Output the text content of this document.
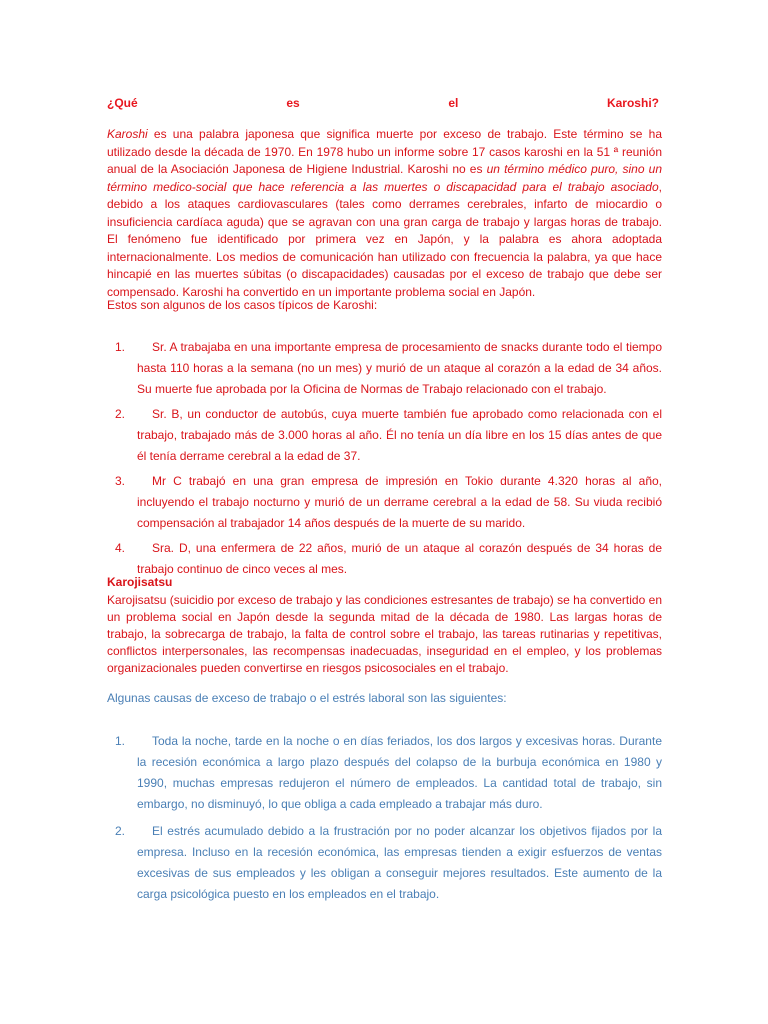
¿Qué	es	el	Karoshi?
Karoshi es una palabra japonesa que significa muerte por exceso de trabajo. Este término se ha utilizado desde la década de 1970. En 1978 hubo un informe sobre 17 casos karoshi en la 51 ª reunión anual de la Asociación Japonesa de Higiene Industrial. Karoshi no es un término médico puro, sino un término medico-social que hace referencia a las muertes o discapacidad para el trabajo asociado, debido a los ataques cardiovasculares (tales como derrames cerebrales, infarto de miocardio o insuficiencia cardíaca aguda) que se agravan con una gran carga de trabajo y largas horas de trabajo. El fenómeno fue identificado por primera vez en Japón, y la palabra es ahora adoptada internacionalmente. Los medios de comunicación han utilizado con frecuencia la palabra, ya que hace hincapié en las muertes súbitas (o discapacidades) causadas por el exceso de trabajo que debe ser compensado. Karoshi ha convertido en un importante problema social en Japón.
Estos son algunos de los casos típicos de Karoshi:
1. Sr. A trabajaba en una importante empresa de procesamiento de snacks durante todo el tiempo hasta 110 horas a la semana (no un mes) y murió de un ataque al corazón a la edad de 34 años. Su muerte fue aprobada por la Oficina de Normas de Trabajo relacionado con el trabajo.
2. Sr. B, un conductor de autobús, cuya muerte también fue aprobado como relacionada con el trabajo, trabajado más de 3.000 horas al año. Él no tenía un día libre en los 15 días antes de que él tenía derrame cerebral a la edad de 37.
3. Mr C trabajó en una gran empresa de impresión en Tokio durante 4.320 horas al año, incluyendo el trabajo nocturno y murió de un derrame cerebral a la edad de 58. Su viuda recibió compensación al trabajador 14 años después de la muerte de su marido.
4. Sra. D, una enfermera de 22 años, murió de un ataque al corazón después de 34 horas de trabajo continuo de cinco veces al mes.
Karojisatsu
Karojisatsu (suicidio por exceso de trabajo y las condiciones estresantes de trabajo) se ha convertido en un problema social en Japón desde la segunda mitad de la década de 1980. Las largas horas de trabajo, la sobrecarga de trabajo, la falta de control sobre el trabajo, las tareas rutinarias y repetitivas, conflictos interpersonales, las recompensas inadecuadas, inseguridad en el empleo, y los problemas organizacionales pueden convertirse en riesgos psicosociales en el trabajo.
Algunas causas de exceso de trabajo o el estrés laboral son las siguientes:
1. Toda la noche, tarde en la noche o en días feriados, los dos largos y excesivas horas. Durante la recesión económica a largo plazo después del colapso de la burbuja económica en 1980 y 1990, muchas empresas redujeron el número de empleados. La cantidad total de trabajo, sin embargo, no disminuyó, lo que obliga a cada empleado a trabajar más duro.
2. El estrés acumulado debido a la frustración por no poder alcanzar los objetivos fijados por la empresa. Incluso en la recesión económica, las empresas tienden a exigir esfuerzos de ventas excesivas de sus empleados y les obligan a conseguir mejores resultados. Este aumento de la carga psicológica puesto en los empleados en el trabajo.
